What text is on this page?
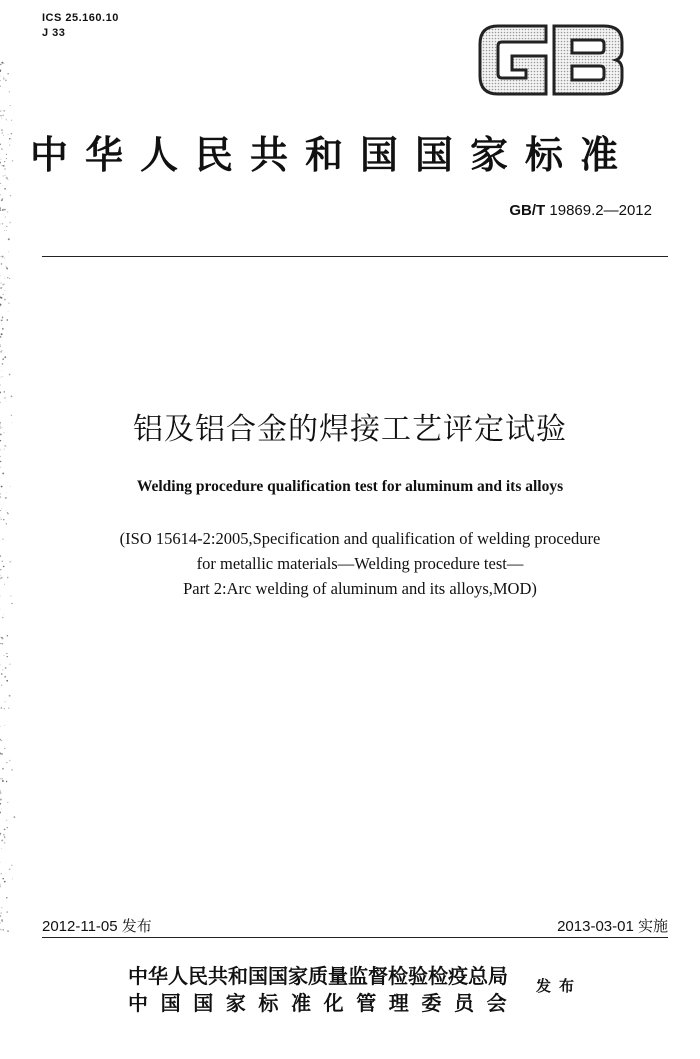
ICS 25.160.10
J 33
GB
中华人民共和国国家标准
GB/T 19869.2—2012
铝及铝合金的焊接工艺评定试验
Welding procedure qualification test for aluminum and its alloys
(ISO 15614-2:2005,Specification and qualification of welding procedure
for metallic materials—Welding procedure test—
Part 2:Arc welding of aluminum and its alloys,MOD)
2012-11-05 发布	2013-03-01 实施
中华人民共和国国家质量监督检验检疫总局
中国国家标准化管理委员会
发布
